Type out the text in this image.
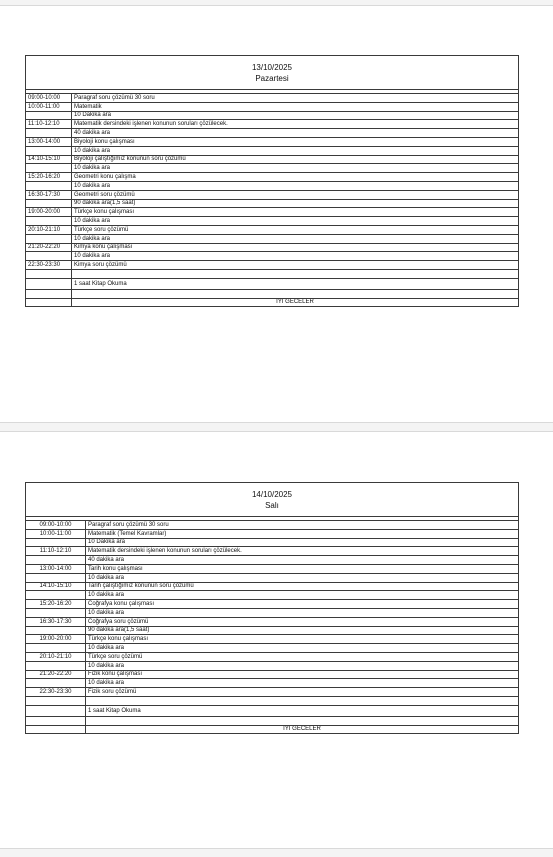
13/10/2025
Pazartesi	

09:00-10:00	Paragraf soru çözümü 30 soru
10:00-11:00	Matematik
	10 Dakika ara
11:10-12:10	Matematik dersindeki işlenen konunun soruları çözülecek.
	40 dakika ara
13:00-14:00	Biyoloji konu çalışması
	10 dakika ara
14:10-15:10	Biyoloji çalıştığımız konunun soru çözümü
	10 dakika ara
15:20-16:20	Geometri konu çalışma
	10 dakika ara
16:30-17:30	Geometri soru çözümü
	90 dakika ara(1,5 saat)
19:00-20:00	Türkçe konu çalışması
	10 dakika ara
20:10-21:10	Türkçe soru çözümü
	10 dakika ara
21:20-22:20	Kimya konu çalışması
	10 dakika ara
22:30-23:30	Kimya soru çözümü

	1 saat Kitap Okuma

	İYİ GECELER
14/10/2025
Salı	

09:00-10:00	Paragraf soru çözümü 30 soru
10:00-11:00	Matematik (Temel Kavramlar)
	10 Dakika ara
11:10-12:10	Matematik dersindeki işlenen konunun soruları çözülecek.
	40 dakika ara
13:00-14:00	Tarih konu çalışması
	10 dakika ara
14:10-15:10	Tarih çalıştığımız konunun soru çözümü
	10 dakika ara
15:20-16:20	Coğrafya konu çalışması
	10 dakika ara
16:30-17:30	Coğrafya soru çözümü
	90 dakika ara(1,5 saat)
19:00-20:00	Türkçe konu çalışması
	10 dakika ara
20:10-21:10	Türkçe soru çözümü
	10 dakika ara
21:20-22:20	Fizik konu çalışması
	10 dakika ara
22:30-23:30	Fizik soru çözümü

	1 saat Kitap Okuma

	İYİ GECELER
